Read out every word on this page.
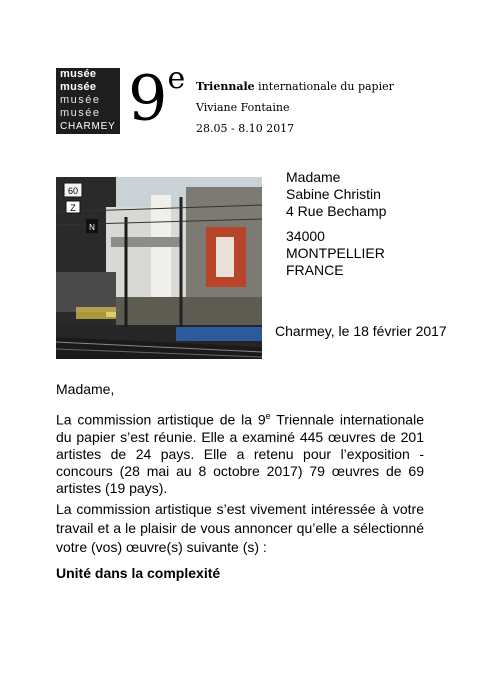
musée
musée
musée
musée
CHARMEY 9e Triennale internationale du papier
Viviane Fontaine
28.05 - 8.10 2017
60
Z
N
Madame
Sabine Christin
4 Rue Bechamp
34000
MONTPELLIER
FRANCE
Charmey, le 18 février 2017
Madame,
La commission artistique de la 9e Triennale internationale du papier s’est réunie. Elle a examiné 445 œuvres de 201 artistes de 24 pays. Elle a retenu pour l’exposition - concours (28 mai au 8 octobre 2017) 79 œuvres de 69 artistes (19 pays).
La commission artistique s’est vivement intéressée à votre travail et a le plaisir de vous annoncer qu’elle a sélectionné votre (vos) œuvre(s) suivante (s) :
Unité dans la complexité
